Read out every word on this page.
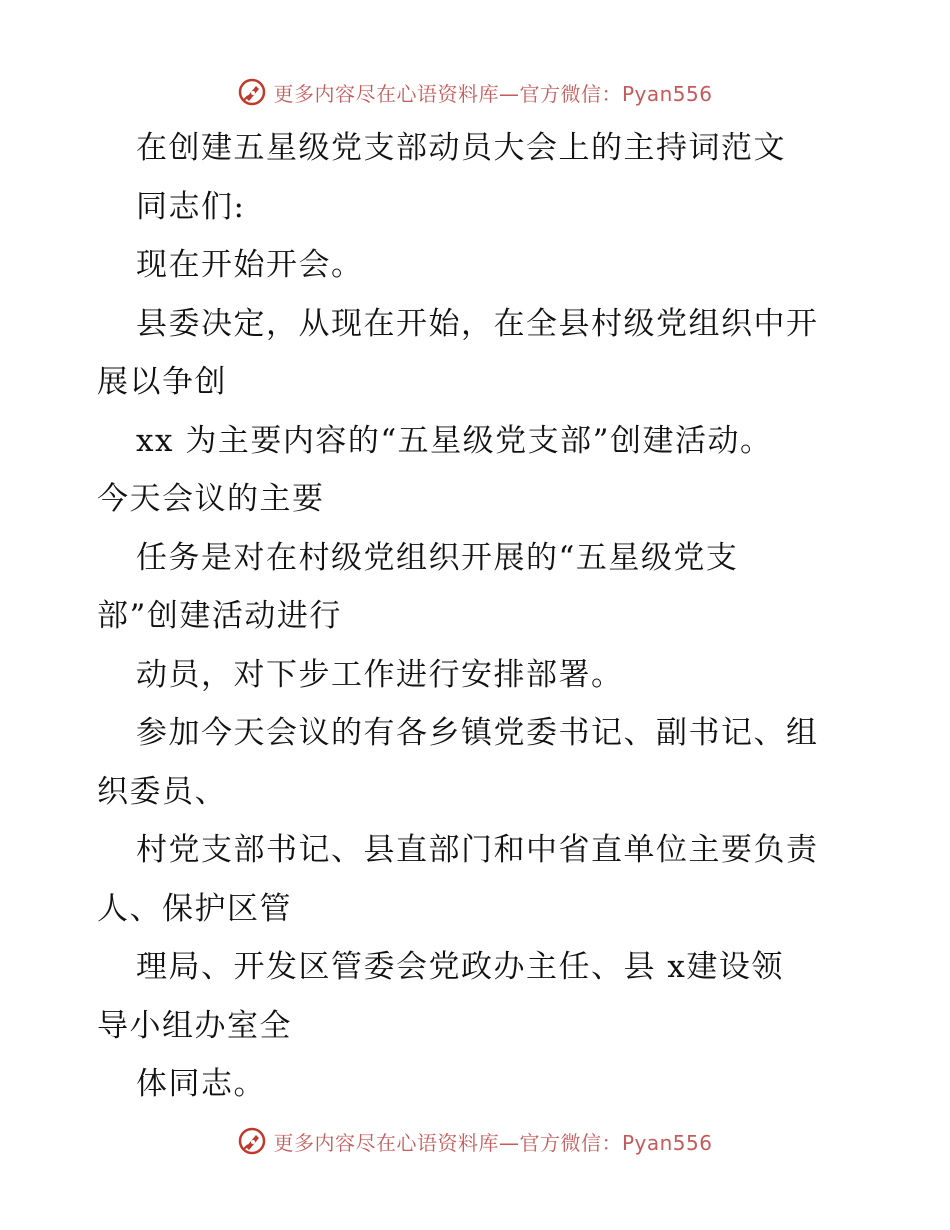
更多内容尽在心语资料库—官方微信：Pyan556
在创建五星级党支部动员大会上的主持词范文
同志们:
现在开始开会。
县委决定，从现在开始，在全县村级党组织中开
展以争创
xx 为主要内容的“五星级党支部”创建活动。
今天会议的主要
任务是对在村级党组织开展的“五星级党支
部”创建活动进行
动员，对下步工作进行安排部署。
参加今天会议的有各乡镇党委书记、副书记、组
织委员、
村党支部书记、县直部门和中省直单位主要负责
人、保护区管
理局、开发区管委会党政办主任、县 x建设领
导小组办室全
体同志。
更多内容尽在心语资料库—官方微信：Pyan556
